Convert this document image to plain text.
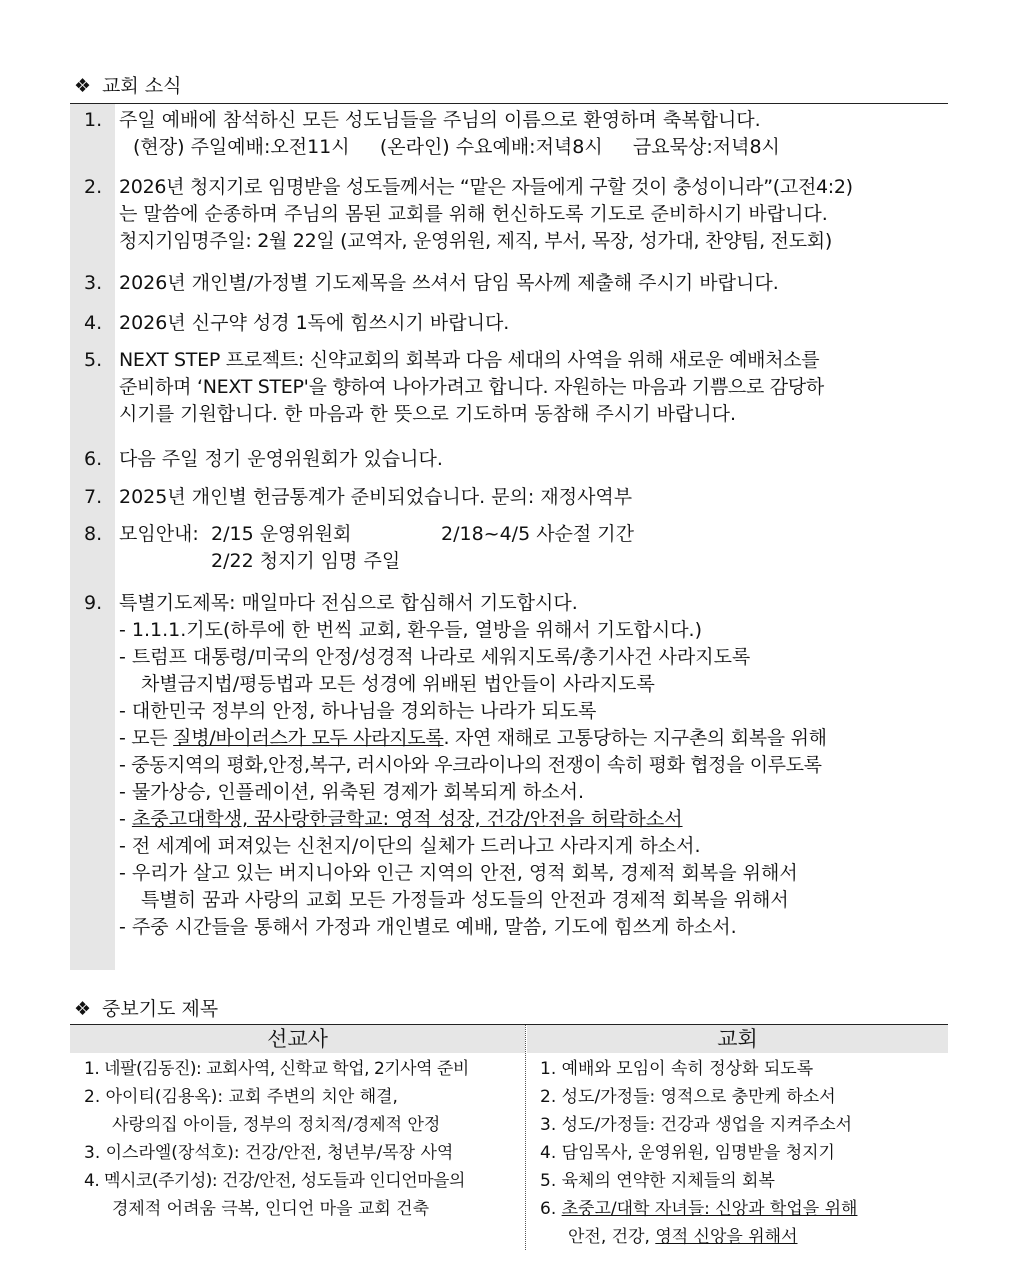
❖ 교회 소식
1. 주일 예배에 참석하신 모든 성도님들을 주님의 이름으로 환영하며 축복합니다.
(현장) 주일예배:오전11시     (온라인) 수요예배:저녁8시     금요묵상:저녁8시
2. 2026년 청지기로 임명받을 성도들께서는 “맡은 자들에게 구할 것이 충성이니라”(고전4:2)
는 말씀에 순종하며 주님의 몸된 교회를 위해 헌신하도록 기도로 준비하시기 바랍니다.
청지기임명주일: 2월 22일 (교역자, 운영위원, 제직, 부서, 목장, 성가대, 찬양팀, 전도회)
3. 2026년 개인별/가정별 기도제목을 쓰셔서 담임 목사께 제출해 주시기 바랍니다.
4. 2026년 신구약 성경 1독에 힘쓰시기 바랍니다.
5. NEXT STEP 프로젝트: 신약교회의 회복과 다음 세대의 사역을 위해 새로운 예배처소를
준비하며 ‘NEXT STEP'을 향하여 나아가려고 합니다. 자원하는 마음과 기쁨으로 감당하
시기를 기원합니다. 한 마음과 한 뜻으로 기도하며 동참해 주시기 바랍니다.
6. 다음 주일 정기 운영위원회가 있습니다.
7. 2025년 개인별 헌금통계가 준비되었습니다. 문의: 재정사역부
8. 모임안내: 2/15 운영위원회	2/18~4/5 사순절 기간
2/22 청지기 임명 주일
9. 특별기도제목: 매일마다 전심으로 합심해서 기도합시다.
- 1.1.1.기도(하루에 한 번씩 교회, 환우들, 열방을 위해서 기도합시다.)
- 트럼프 대통령/미국의 안정/성경적 나라로 세워지도록/총기사건 사라지도록
차별금지법/평등법과 모든 성경에 위배된 법안들이 사라지도록
- 대한민국 정부의 안정, 하나님을 경외하는 나라가 되도록
- 모든 질병/바이러스가 모두 사라지도록. 자연 재해로 고통당하는 지구촌의 회복을 위해
- 중동지역의 평화,안정,복구, 러시아와 우크라이나의 전쟁이 속히 평화 협정을 이루도록
- 물가상승, 인플레이션, 위축된 경제가 회복되게 하소서.
- 초중고대학생, 꿈사랑한글학교: 영적 성장, 건강/안전을 허락하소서
- 전 세계에 퍼져있는 신천지/이단의 실체가 드러나고 사라지게 하소서.
- 우리가 살고 있는 버지니아와 인근 지역의 안전, 영적 회복, 경제적 회복을 위해서
특별히 꿈과 사랑의 교회 모든 가정들과 성도들의 안전과 경제적 회복을 위해서
- 주중 시간들을 통해서 가정과 개인별로 예배, 말씀, 기도에 힘쓰게 하소서.
❖ 중보기도 제목
선교사	교회
1. 네팔(김동진): 교회사역, 신학교 학업, 2기사역 준비
2. 아이티(김용옥): 교회 주변의 치안 해결,
사랑의집 아이들, 정부의 정치적/경제적 안정
3. 이스라엘(장석호): 건강/안전, 청년부/목장 사역
4. 멕시코(주기성): 건강/안전, 성도들과 인디언마을의
경제적 어려움 극복, 인디언 마을 교회 건축
1. 예배와 모임이 속히 정상화 되도록
2. 성도/가정들: 영적으로 충만케 하소서
3. 성도/가정들: 건강과 생업을 지켜주소서
4. 담임목사, 운영위원, 임명받을 청지기
5. 육체의 연약한 지체들의 회복
6. 초중고/대학 자녀들: 신앙과 학업을 위해
안전, 건강, 영적 신앙을 위해서
